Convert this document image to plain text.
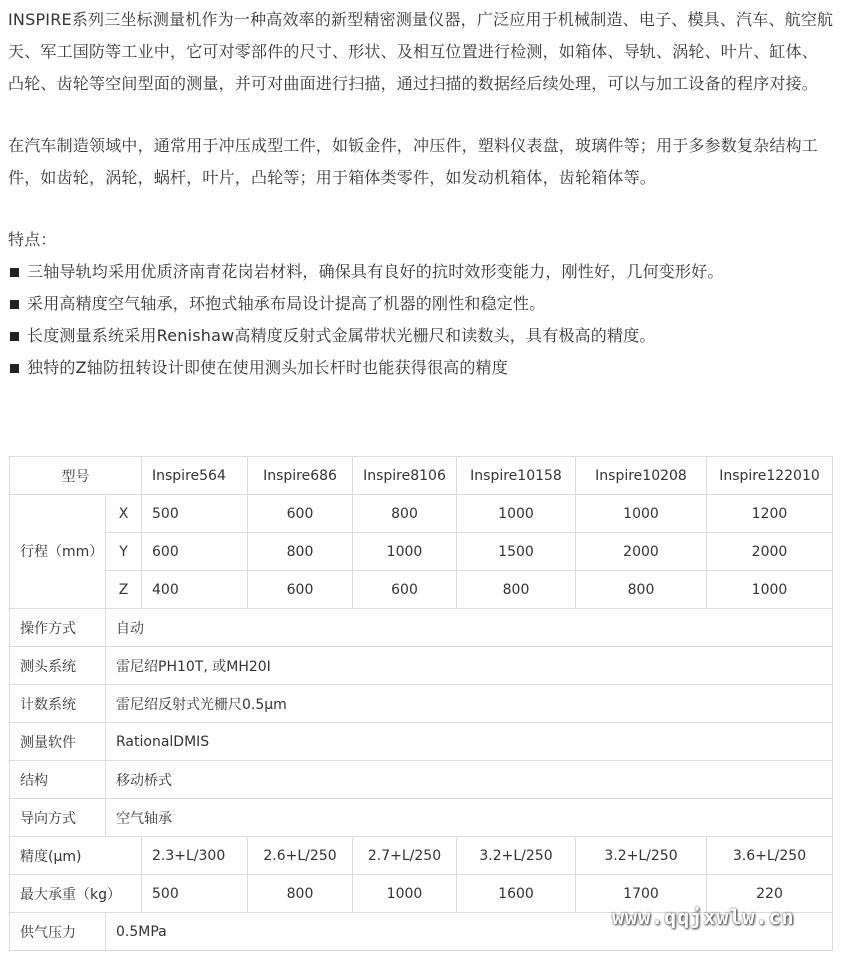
INSPIRE系列三坐标测量机作为一种高效率的新型精密测量仪器，广泛应用于机械制造、电子、模具、汽车、航空航天、军工国防等工业中，它可对零部件的尺寸、形状、及相互位置进行检测，如箱体、导轨、涡轮、叶片、缸体、凸轮、齿轮等空间型面的测量，并可对曲面进行扫描，通过扫描的数据经后续处理，可以与加工设备的程序对接。

在汽车制造领域中，通常用于冲压成型工件，如钣金件，冲压件，塑料仪表盘，玻璃件等；用于多参数复杂结构工件，如齿轮，涡轮，蜗杆，叶片，凸轮等；用于箱体类零件，如发动机箱体，齿轮箱体等。

特点：

三轴导轨均采用优质济南青花岗岩材料，确保具有良好的抗时效形变能力，刚性好，几何变形好。
采用高精度空气轴承，环抱式轴承布局设计提高了机器的刚性和稳定性。
长度测量系统采用Renishaw高精度反射式金属带状光栅尺和读数头，具有极高的精度。
独特的Z轴防扭转设计即使在使用测头加长杆时也能获得很高的精度
型号		Inspire564	Inspire686	Inspire8106	Inspire10158	Inspire10208	Inspire122010
行程（mm）	X	500	600	800	1000	1000	1200
	Y	600	800	1000	1500	2000	2000
	Z	400	600	600	800	800	1000
操作方式	自动						
测头系统	雷尼绍PH10T, 或MH20I						
计数系统	雷尼绍反射式光栅尺0.5μm						
测量软件	RationalDMIS						
结构	移动桥式						
导向方式	空气轴承						
精度(μm)		2.3+L/300	2.6+L/250	2.7+L/250	3.2+L/250	3.2+L/250	3.6+L/250
最大承重（kg）		500	800	1000	1600	1700	220
供气压力	0.5MPa						
www.qqjxwlw.cn
